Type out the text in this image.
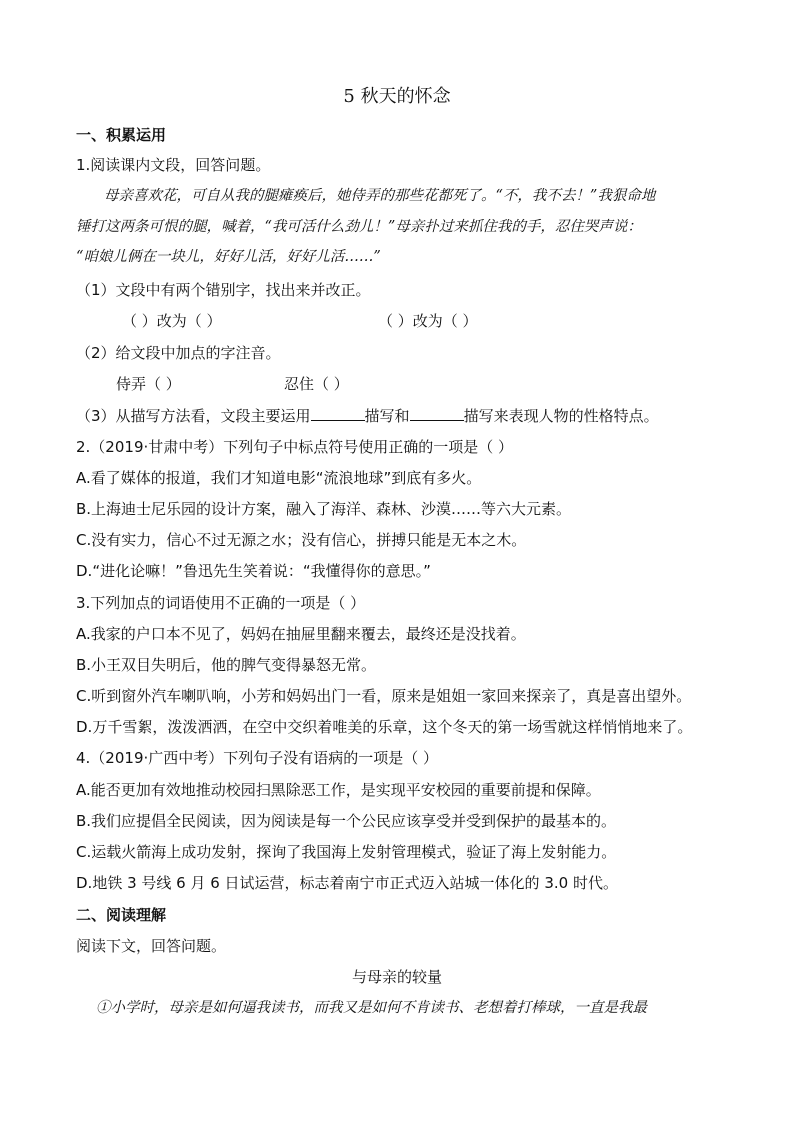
5 秋天的怀念
一、积累运用
1.阅读课内文段，回答问题。
母亲喜欢花，可自从我的腿瘫痪后，她侍弄的那些花都死了。“不，我不去！”我狠命地
锤打这两条可恨的腿，喊着，“我可活什么劲儿！”母亲扑过来抓住我的手，忍住哭声说：
“咱娘儿俩在一块儿，好好儿活，好好儿活……”
（1）文段中有两个错别字，找出来并改正。
（ ）改为（ ）	（ ）改为（ ）
（2）给文段中加点的字注音。
侍弄（ ）	忍住（ ）
（3）从描写方法看，文段主要运用	描写和	描写来表现人物的性格特点。
2.（2019·甘肃中考）下列句子中标点符号使用正确的一项是（ ）
A.看了媒体的报道，我们才知道电影“流浪地球”到底有多火。
B.上海迪士尼乐园的设计方案，融入了海洋、森林、沙漠……等六大元素。
C.没有实力，信心不过无源之水；没有信心，拼搏只能是无本之木。
D.“进化论嘛！”鲁迅先生笑着说：“我懂得你的意思。”
3.下列加点的词语使用不正确的一项是（ ）
A.我家的户口本不见了，妈妈在抽屉里翻来覆去，最终还是没找着。
B.小王双目失明后，他的脾气变得暴怒无常。
C.听到窗外汽车喇叭响，小芳和妈妈出门一看，原来是姐姐一家回来探亲了，真是喜出望外。
D.万千雪絮，泼泼洒洒，在空中交织着唯美的乐章，这个冬天的第一场雪就这样悄悄地来了。
4.（2019·广西中考）下列句子没有语病的一项是（ ）
A.能否更加有效地推动校园扫黑除恶工作，是实现平安校园的重要前提和保障。
B.我们应提倡全民阅读，因为阅读是每一个公民应该享受并受到保护的最基本的。
C.运载火箭海上成功发射，探询了我国海上发射管理模式，验证了海上发射能力。
D.地铁 3 号线 6 月 6 日试运营，标志着南宁市正式迈入站城一体化的 3.0 时代。
二、阅读理解
阅读下文，回答问题。
与母亲的较量
①小学时，母亲是如何逼我读书，而我又是如何不肯读书、老想着打棒球，一直是我最
